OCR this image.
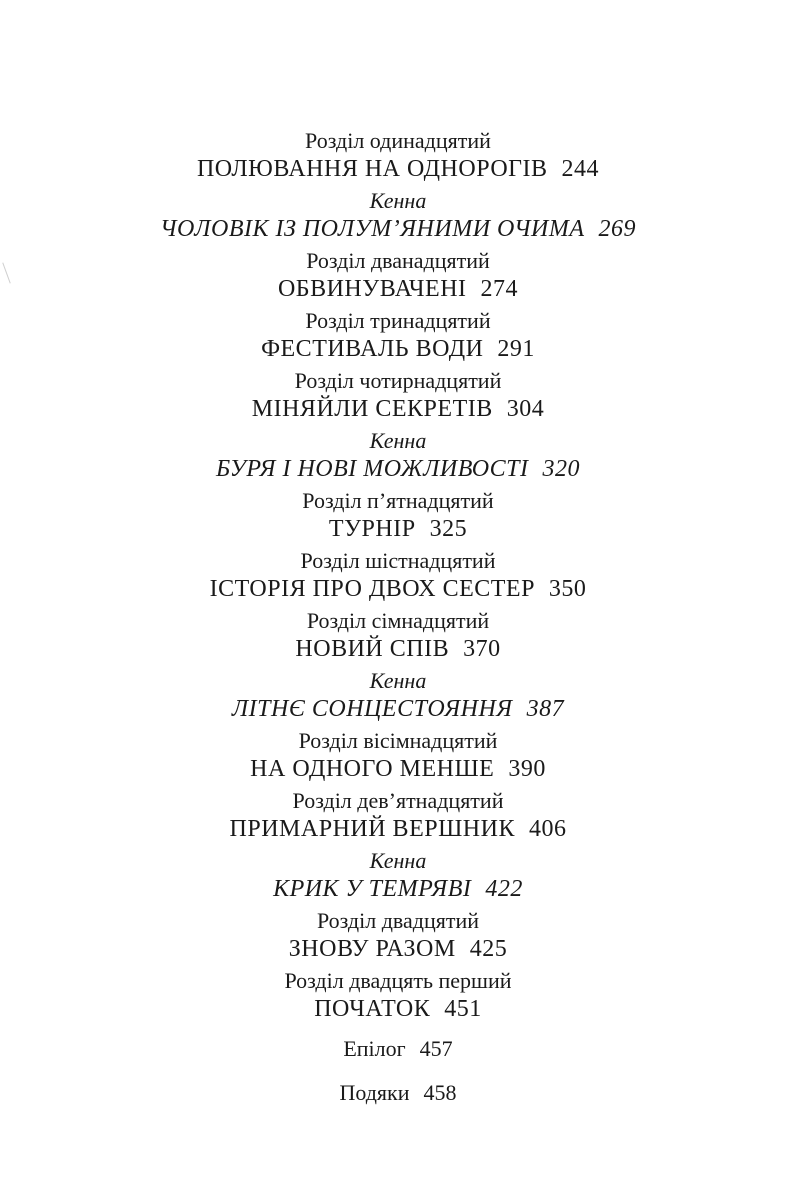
Розділ одинадцятий
ПОЛЮВАННЯ НА ОДНОРОГІВ 244
Кенна
ЧОЛОВІК ІЗ ПОЛУМ’ЯНИМИ ОЧИМА 269
Розділ дванадцятий
ОБВИНУВАЧЕНІ 274
Розділ тринадцятий
ФЕСТИВАЛЬ ВОДИ 291
Розділ чотирнадцятий
МІНЯЙЛИ СЕКРЕТІВ 304
Кенна
БУРЯ І НОВІ МОЖЛИВОСТІ 320
Розділ п’ятнадцятий
ТУРНІР 325
Розділ шістнадцятий
ІСТОРІЯ ПРО ДВОХ СЕСТЕР 350
Розділ сімнадцятий
НОВИЙ СПІВ 370
Кенна
ЛІТНЄ СОНЦЕСТОЯННЯ 387
Розділ вісімнадцятий
НА ОДНОГО МЕНШЕ 390
Розділ дев’ятнадцятий
ПРИМАРНИЙ ВЕРШНИК 406
Кенна
КРИК У ТЕМРЯВІ 422
Розділ двадцятий
ЗНОВУ РАЗОМ 425
Розділ двадцять перший
ПОЧАТОК 451
Епілог 457
Подяки 458
